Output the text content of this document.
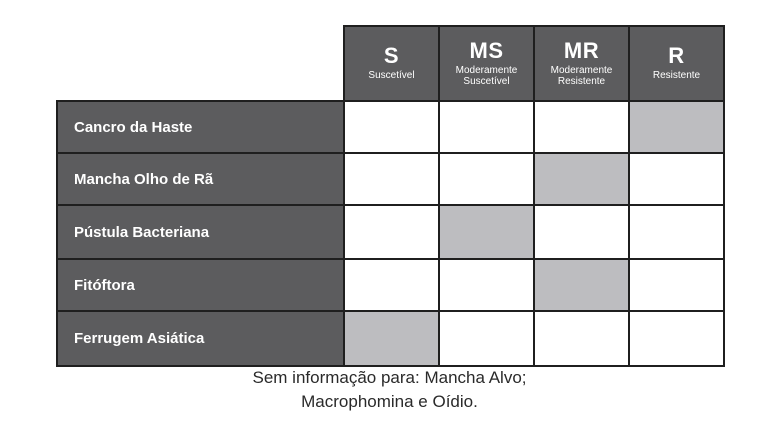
S
Suscetível
MS
Moderamente
Suscetível
MR
Moderamente
Resistente
R
Resistente
Cancro da Haste
Mancha Olho de Rã
Pústula Bacteriana
Fitóftora
Ferrugem Asiática
Sem informação para: Mancha Alvo;
Macrophomina e Oídio.
